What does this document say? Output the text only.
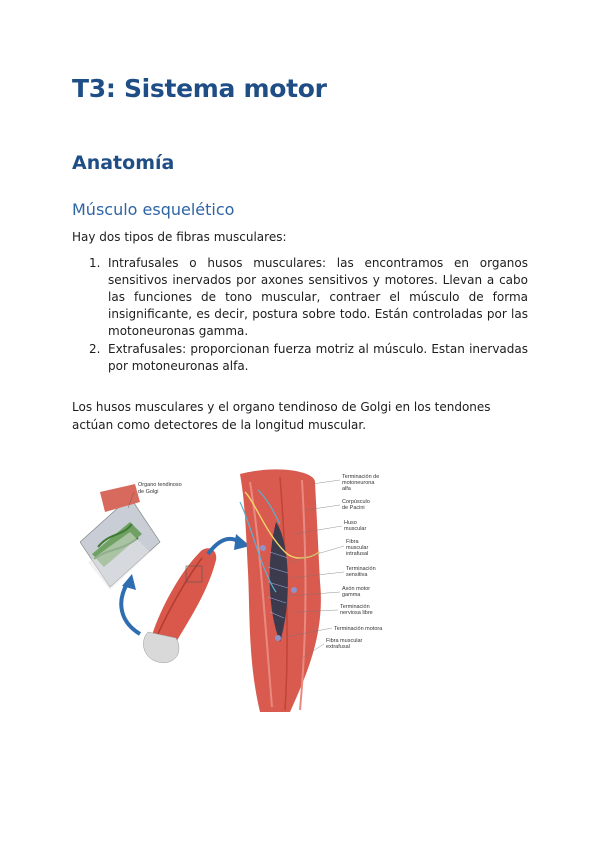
T3: Sistema motor
Anatomía
Músculo esquelético

Hay dos tipos de fibras musculares:

1. Intrafusales o husos musculares: las encontramos en organos sensitivos inervados por axones sensitivos y motores. Llevan a cabo las funciones de tono muscular, contraer el músculo de forma insignificante, es decir, postura sobre todo. Están controladas por las motoneuronas gamma.
2. Extrafusales: proporcionan fuerza motriz al músculo. Estan inervadas por motoneuronas alfa.

Los husos musculares y el organo tendinoso de Golgi en los tendones actúan como detectores de la longitud muscular.

Organo tendinoso
de Golgi
Terminación de
motoneurona
alfa
Corpúsculo
de Pacini
Huso
muscular
Fibra
muscular
intrafusal
Terminación
sensitiva
Axón motor
gamma
Terminación
nerviosa libre
Terminación motora
Fibra muscular
extrafusal
